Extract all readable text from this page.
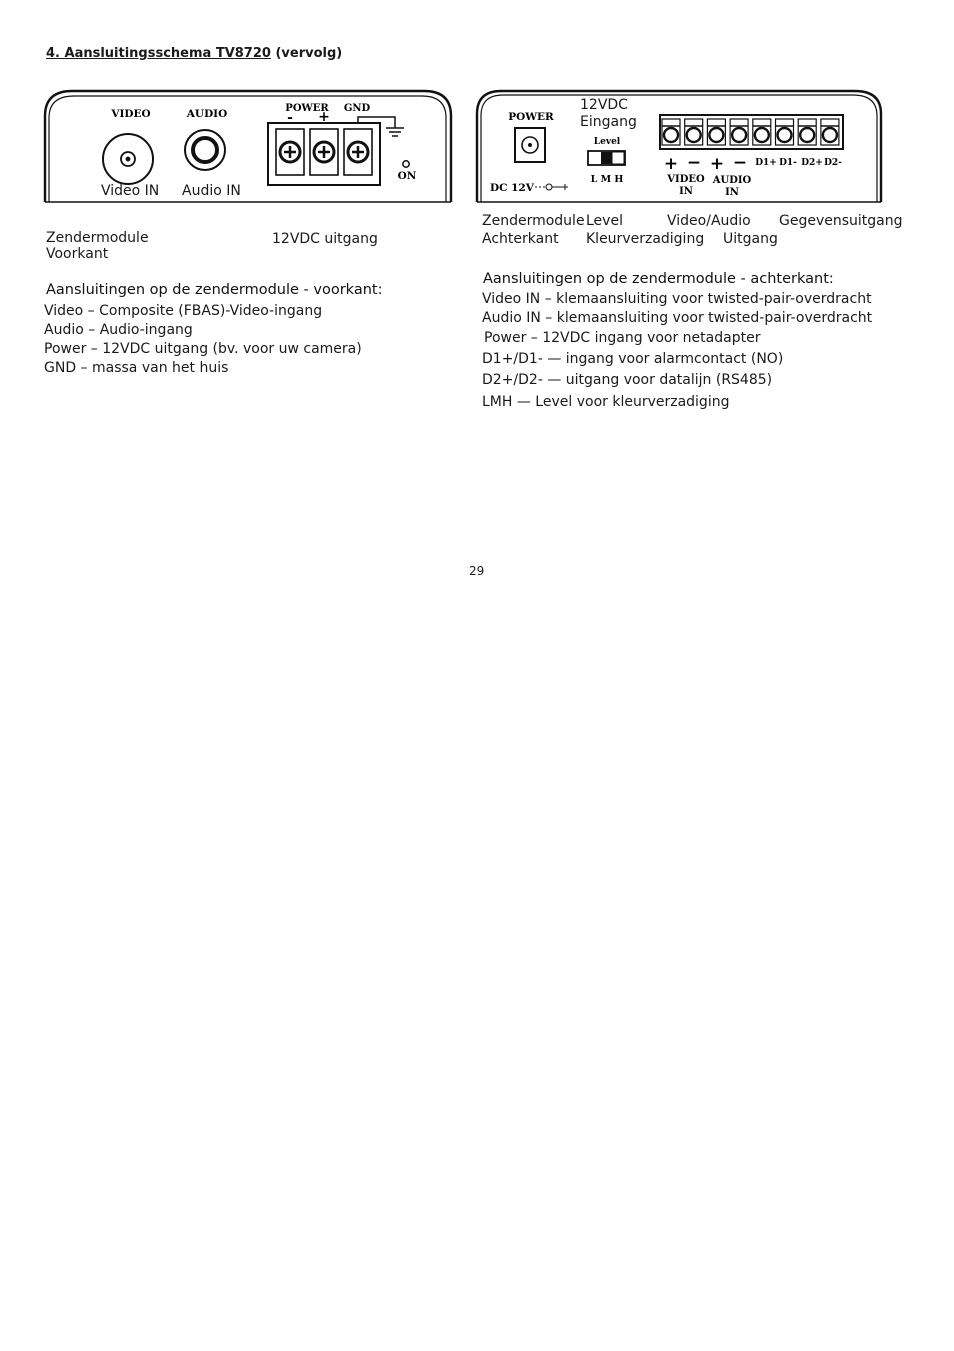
4. Aansluitingsschema TV8720 (vervolg)
VIDEO	AUDIO	POWER GND
- +
ON
Video IN Audio IN
POWER
DC 12V
Level
L M H
+ − + − D1+ D1- D2+ D2-
VIDEO
IN
AUDIO
IN
12VDC
Eingang
Zendermodule
Achterkant
Level
Kleurverzadiging
Video/Audio
Uitgang
Gegevensuitgang
Zendermodule
Voorkant
12VDC uitgang
Aansluitingen op de zendermodule - voorkant:
Video – Composite (FBAS)-Video-ingang
Audio – Audio-ingang
Power – 12VDC uitgang (bv. voor uw camera)
GND – massa van het huis
Aansluitingen op de zendermodule - achterkant:
Video IN – klemaansluiting voor twisted-pair-overdracht
Audio IN – klemaansluiting voor twisted-pair-overdracht
Power – 12VDC ingang voor netadapter
D1+/D1- — ingang voor alarmcontact (NO)
D2+/D2- — uitgang voor datalijn (RS485)
LMH — Level voor kleurverzadiging
29
